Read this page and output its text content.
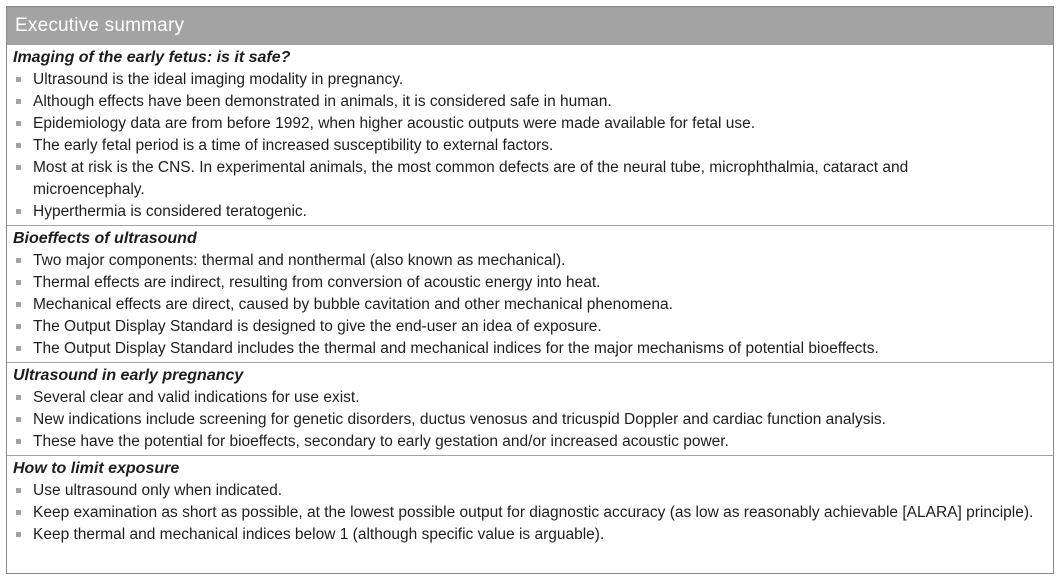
Executive summary
Imaging of the early fetus: is it safe?
Ultrasound is the ideal imaging modality in pregnancy.
Although effects have been demonstrated in animals, it is considered safe in human.
Epidemiology data are from before 1992, when higher acoustic outputs were made available for fetal use.
The early fetal period is a time of increased susceptibility to external factors.
Most at risk is the CNS. In experimental animals, the most common defects are of the neural tube, microphthalmia, cataract and microencephaly.
Hyperthermia is considered teratogenic.
Bioeffects of ultrasound
Two major components: thermal and nonthermal (also known as mechanical).
Thermal effects are indirect, resulting from conversion of acoustic energy into heat.
Mechanical effects are direct, caused by bubble cavitation and other mechanical phenomena.
The Output Display Standard is designed to give the end-user an idea of exposure.
The Output Display Standard includes the thermal and mechanical indices for the major mechanisms of potential bioeffects.
Ultrasound in early pregnancy
Several clear and valid indications for use exist.
New indications include screening for genetic disorders, ductus venosus and tricuspid Doppler and cardiac function analysis.
These have the potential for bioeffects, secondary to early gestation and/or increased acoustic power.
How to limit exposure
Use ultrasound only when indicated.
Keep examination as short as possible, at the lowest possible output for diagnostic accuracy (as low as reasonably achievable [ALARA] principle).
Keep thermal and mechanical indices below 1 (although specific value is arguable).
